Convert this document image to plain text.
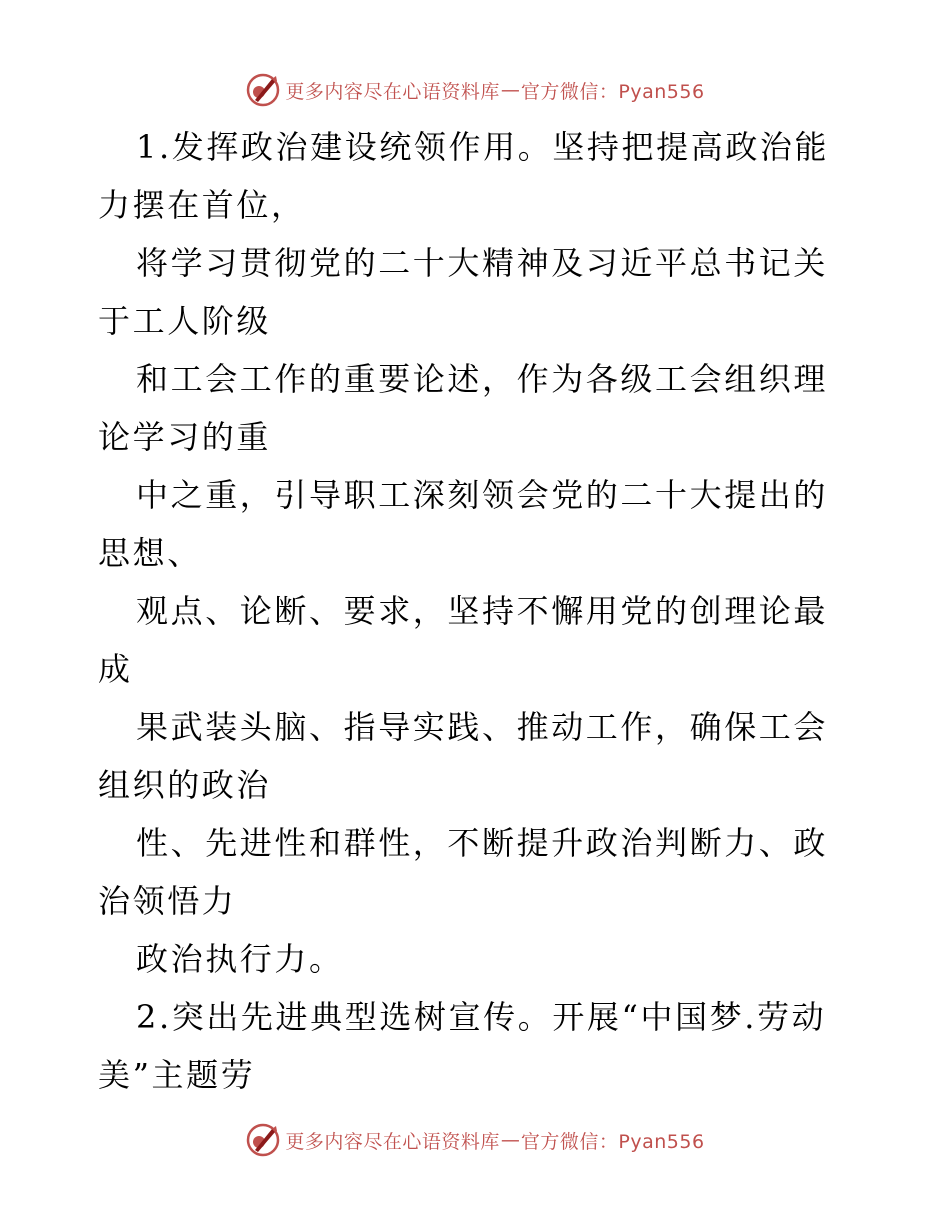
更多内容尽在心语资料库 — 官方微信：Pyan556

1.发挥政治建设统领作用。坚持把提高政治能力摆在首位，

将学习贯彻党的二十大精神及习近平总书记关于工人阶级

和工会工作的重要论述，作为各级工会组织理论学习的重

中之重，引导职工深刻领会党的二十大提出的思想、

观点、论断、要求，坚持不懈用党的创理论最成

果武装头脑、指导实践、推动工作，确保工会组织的政治

性、先进性和群性，不断提升政治判断力、政治领悟力

政治执行力。

2.突出先进典型选树宣传。开展“中国梦.劳动美”主题劳

更多内容尽在心语资料库 — 官方微信：Pyan556
